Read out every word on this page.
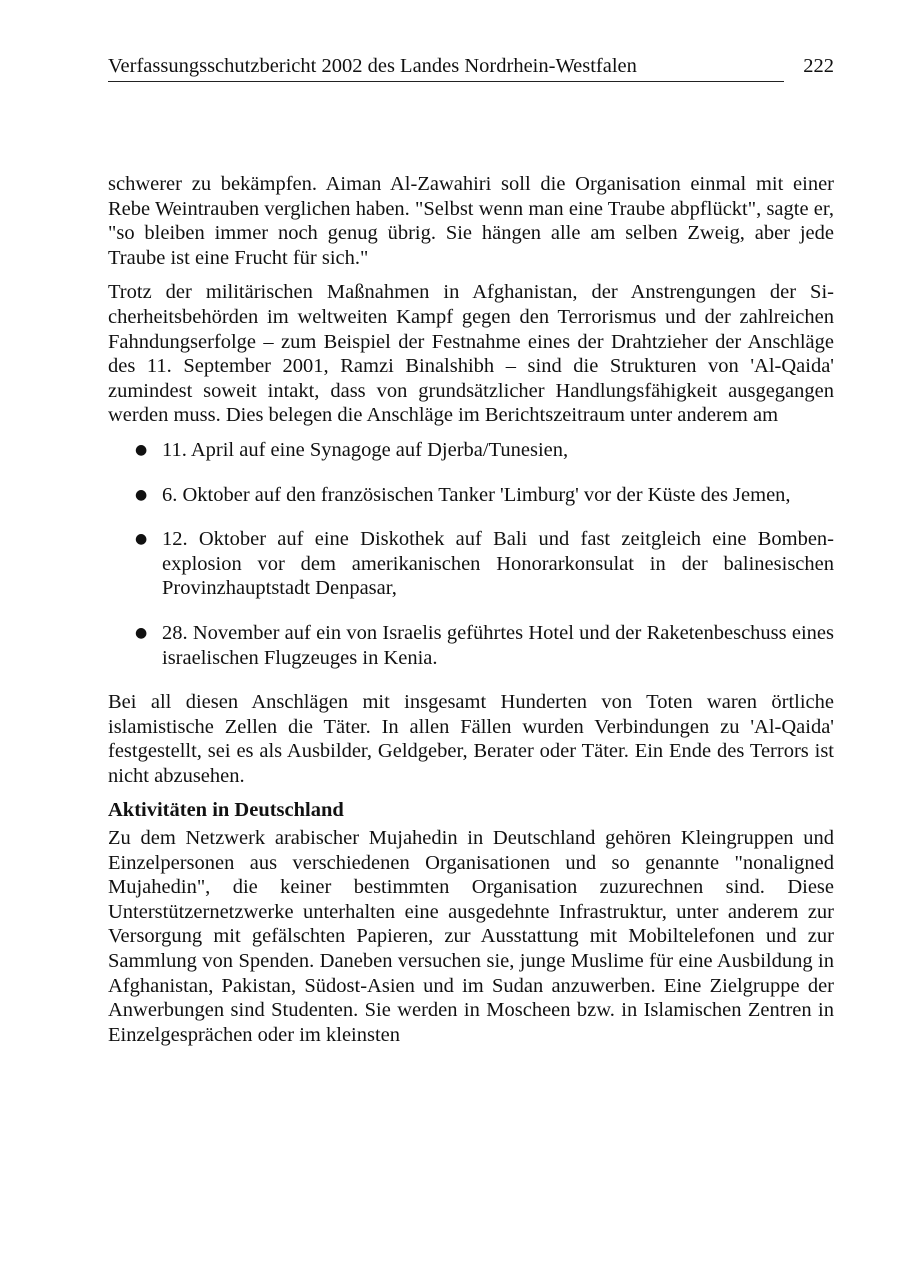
Verfassungsschutzbericht 2002 des Landes Nordrhein-Westfalen	222

schwerer zu bekämpfen. Aiman Al-Zawahiri soll die Organisation einmal mit einer Rebe Weintrauben verglichen haben. "Selbst wenn man eine Traube abpflückt", sagte er, "so bleiben immer noch genug übrig. Sie hängen alle am selben Zweig, aber jede Traube ist eine Frucht für sich."

Trotz der militärischen Maßnahmen in Afghanistan, der Anstrengungen der Sicherheitsbehörden im weltweiten Kampf gegen den Terrorismus und der zahlreichen Fahndungserfolge – zum Beispiel der Festnahme eines der Drahtzieher der Anschläge des 11. September 2001, Ramzi Binalshibh – sind die Strukturen von 'Al-Qaida' zumindest soweit intakt, dass von grundsätzlicher Handlungsfähigkeit ausgegangen werden muss. Dies belegen die Anschläge im Berichtszeitraum unter anderem am

● 11. April auf eine Synagoge auf Djerba/Tunesien,
● 6. Oktober auf den französischen Tanker 'Limburg' vor der Küste des Jemen,
● 12. Oktober auf eine Diskothek auf Bali und fast zeitgleich eine Bombenexplosion vor dem amerikanischen Honorarkonsulat in der balinesischen Provinzhauptstadt Denpasar,
● 28. November auf ein von Israelis geführtes Hotel und der Raketenbeschuss eines israelischen Flugzeuges in Kenia.

Bei all diesen Anschlägen mit insgesamt Hunderten von Toten waren örtliche islamistische Zellen die Täter. In allen Fällen wurden Verbindungen zu 'Al-Qaida' festgestellt, sei es als Ausbilder, Geldgeber, Berater oder Täter. Ein Ende des Terrors ist nicht abzusehen.

Aktivitäten in Deutschland

Zu dem Netzwerk arabischer Mujahedin in Deutschland gehören Kleingruppen und Einzelpersonen aus verschiedenen Organisationen und so genannte "nonaligned Mujahedin", die keiner bestimmten Organisation zuzurechnen sind. Diese Unterstützernetzwerke unterhalten eine ausgedehnte Infrastruktur, unter anderem zur Versorgung mit gefälschten Papieren, zur Ausstattung mit Mobiltelefonen und zur Sammlung von Spenden. Daneben versuchen sie, junge Muslime für eine Ausbildung in Afghanistan, Pakistan, Südost-Asien und im Sudan anzuwerben. Eine Zielgruppe der Anwerbungen sind Studenten. Sie werden in Moscheen bzw. in Islamischen Zentren in Einzelgesprächen oder im kleinsten
